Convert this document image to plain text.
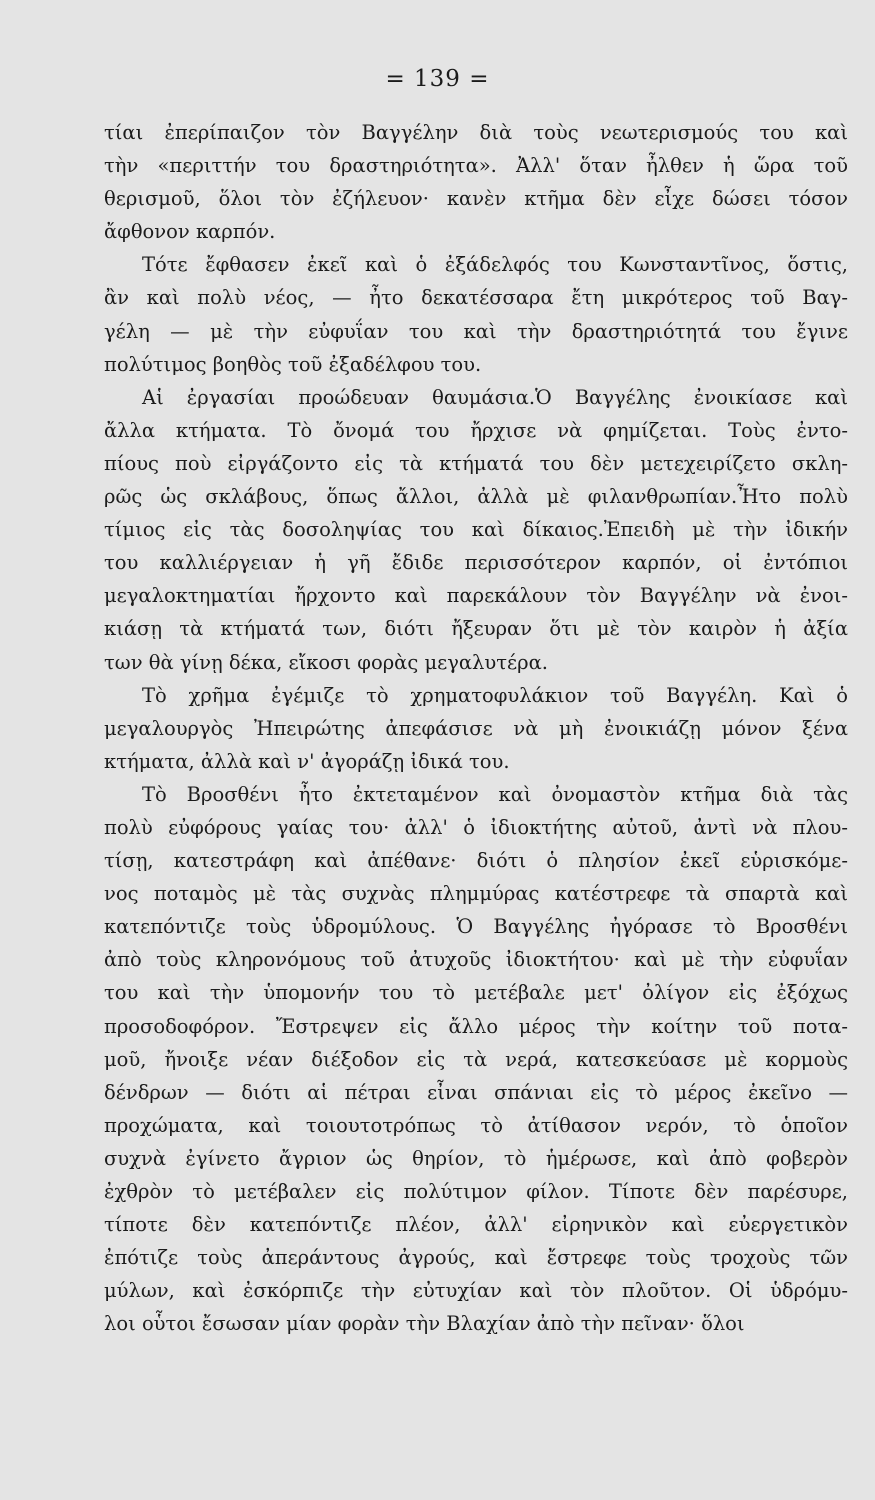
= 139 =
τίαι ἐπερίπαιζον τὸν Βαγγέλην διὰ τοὺς νεωτερισμούς του καὶ
τὴν «περιττήν του δραστηριότητα». Ἀλλ' ὅταν ἦλθεν ἡ ὥρα τοῦ
θερισμοῦ, ὅλοι τὸν ἐζήλευον· κανὲν κτῆμα δὲν εἶχε δώσει τόσον
ἄφθονον καρπόν.
Τότε ἔφθασεν ἐκεῖ καὶ ὁ ἐξάδελφός του Κωνσταντῖνος, ὅστις,
ἂν καὶ πολὺ νέος, — ἦτο δεκατέσσαρα ἔτη μικρότερος τοῦ Βαγ-
γέλη — μὲ τὴν εὐφυΐαν του καὶ τὴν δραστηριότητά του ἔγινε
πολύτιμος βοηθὸς τοῦ ἐξαδέλφου του.
Αἱ ἐργασίαι προώδευαν θαυμάσια.Ὁ Βαγγέλης ἐνοικίασε καὶ
ἄλλα κτήματα. Τὸ ὄνομά του ἤρχισε νὰ φημίζεται. Τοὺς ἐντο-
πίους ποὺ εἰργάζοντο εἰς τὰ κτήματά του δὲν μετεχειρίζετο σκλη-
ρῶς ὡς σκλάβους, ὅπως ἄλλοι, ἀλλὰ μὲ φιλανθρωπίαν.Ἦτο πολὺ
τίμιος εἰς τὰς δοσοληψίας του καὶ δίκαιος.Ἐπειδὴ μὲ τὴν ἰδικήν
του καλλιέργειαν ἡ γῆ ἔδιδε περισσότερον καρπόν, οἱ ἐντόπιοι
μεγαλοκτηματίαι ἤρχοντο καὶ παρεκάλουν τὸν Βαγγέλην νὰ ἐνοι-
κιάσῃ τὰ κτήματά των, διότι ἤξευραν ὅτι μὲ τὸν καιρὸν ἡ ἀξία
των θὰ γίνῃ δέκα, εἴκοσι φορὰς μεγαλυτέρα.
Τὸ χρῆμα ἐγέμιζε τὸ χρηματοφυλάκιον τοῦ Βαγγέλη. Καὶ ὁ
μεγαλουργὸς Ἠπειρώτης ἀπεφάσισε νὰ μὴ ἐνοικιάζῃ μόνον ξένα
κτήματα, ἀλλὰ καὶ ν' ἀγοράζῃ ἰδικά του.
Τὸ Βροσθένι ἦτο ἐκτεταμένον καὶ ὀνομαστὸν κτῆμα διὰ τὰς
πολὺ εὐφόρους γαίας του· ἀλλ' ὁ ἰδιοκτήτης αὐτοῦ, ἀντὶ νὰ πλου-
τίσῃ, κατεστράφη καὶ ἀπέθανε· διότι ὁ πλησίον ἐκεῖ εὑρισκόμε-
νος ποταμὸς μὲ τὰς συχνὰς πλημμύρας κατέστρεφε τὰ σπαρτὰ καὶ
κατεπόντιζε τοὺς ὑδρομύλους. Ὁ Βαγγέλης ἠγόρασε τὸ Βροσθένι
ἀπὸ τοὺς κληρονόμους τοῦ ἀτυχοῦς ἰδιοκτήτου· καὶ μὲ τὴν εὐφυΐαν
του καὶ τὴν ὑπομονήν του τὸ μετέβαλε μετ' ὀλίγον εἰς ἐξόχως
προσοδοφόρον. Ἔστρεψεν εἰς ἄλλο μέρος τὴν κοίτην τοῦ ποτα-
μοῦ, ἤνοιξε νέαν διέξοδον εἰς τὰ νερά, κατεσκεύασε μὲ κορμοὺς
δένδρων — διότι αἱ πέτραι εἶναι σπάνιαι εἰς τὸ μέρος ἐκεῖνο —
προχώματα, καὶ τοιουτοτρόπως τὸ ἀτίθασον νερόν, τὸ ὁποῖον
συχνὰ ἐγίνετο ἄγριον ὡς θηρίον, τὸ ἡμέρωσε, καὶ ἀπὸ φοβερὸν
ἐχθρὸν τὸ μετέβαλεν εἰς πολύτιμον φίλον. Τίποτε δὲν παρέσυρε,
τίποτε δὲν κατεπόντιζε πλέον, ἀλλ' εἰρηνικὸν καὶ εὐεργετικὸν
ἐπότιζε τοὺς ἀπεράντους ἀγρούς, καὶ ἔστρεφε τοὺς τροχοὺς τῶν
μύλων, καὶ ἐσκόρπιζε τὴν εὐτυχίαν καὶ τὸν πλοῦτον. Οἱ ὑδρόμυ-
λοι οὗτοι ἔσωσαν μίαν φορὰν τὴν Βλαχίαν ἀπὸ τὴν πεῖναν· ὅλοι
